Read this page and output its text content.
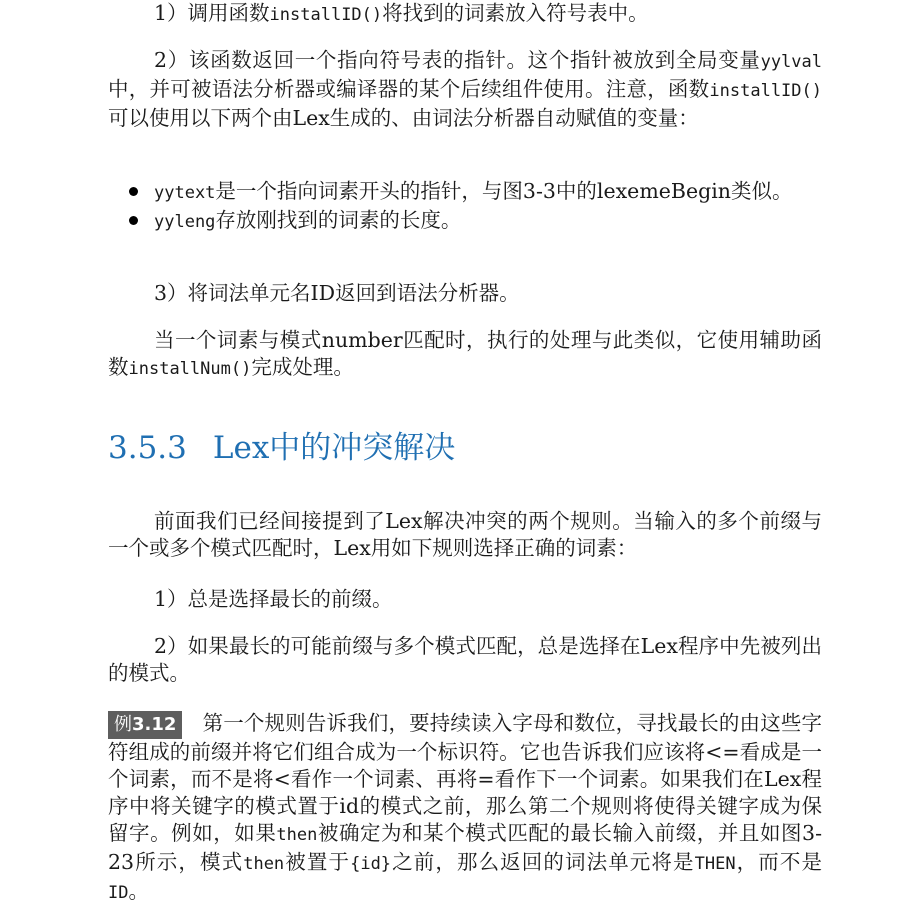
1）调用函数installID()将找到的词素放入符号表中。

2）该函数返回一个指向符号表的指针。这个指针被放到全局变量yylval中，并可被语法分析器或编译器的某个后续组件使用。注意，函数installID()可以使用以下两个由Lex生成的、由词法分析器自动赋值的变量：

yytext是一个指向词素开头的指针，与图3-3中的lexemeBegin类似。
yyleng存放刚找到的词素的长度。

3）将词法单元名ID返回到语法分析器。

当一个词素与模式number匹配时，执行的处理与此类似，它使用辅助函数installNum()完成处理。

3.5.3 Lex中的冲突解决

前面我们已经间接提到了Lex解决冲突的两个规则。当输入的多个前缀与一个或多个模式匹配时，Lex用如下规则选择正确的词素：

1）总是选择最长的前缀。

2）如果最长的可能前缀与多个模式匹配，总是选择在Lex程序中先被列出的模式。

例3.12 第一个规则告诉我们，要持续读入字母和数位，寻找最长的由这些字符组成的前缀并将它们组合成为一个标识符。它也告诉我们应该将<=看成是一个词素，而不是将<看作一个词素、再将=看作下一个词素。如果我们在Lex程序中将关键字的模式置于id的模式之前，那么第二个规则将使得关键字成为保留字。例如，如果then被确定为和某个模式匹配的最长输入前缀，并且如图3-23所示，模式then被置于{id}之前，那么返回的词法单元将是THEN，而不是ID。
